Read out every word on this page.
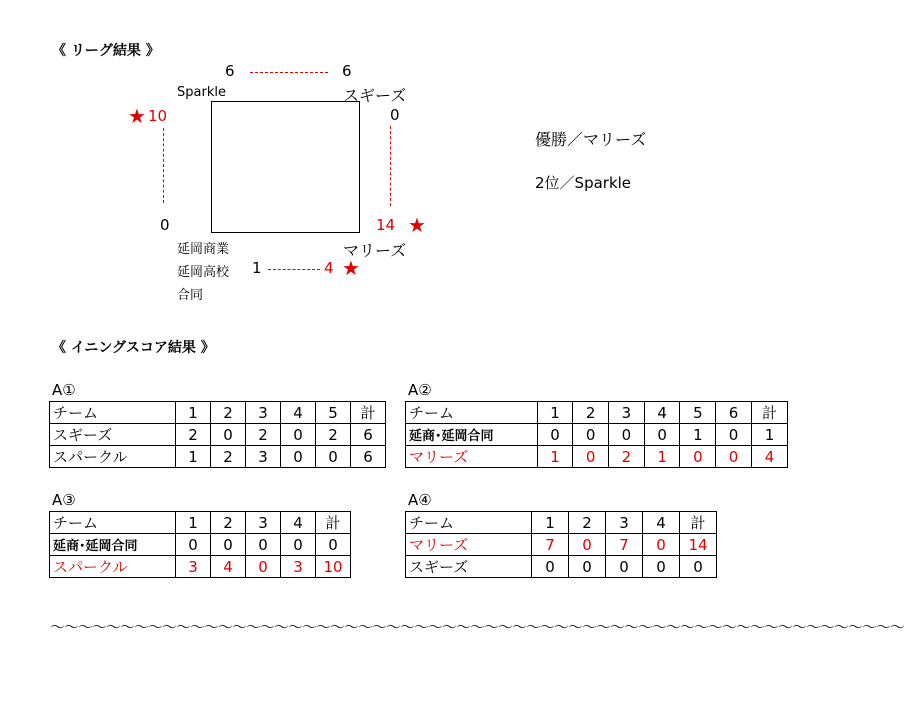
《 リーグ結果 》
6	6
Sparkle	スギーズ
★ 10
0
0
14 ★
マリーズ
延岡商業
延岡高校
合同
1	4 ★
優勝／マリーズ
2位／Sparkle
《 イニングスコア結果 》
A①
チーム	1	2	3	4	5	計
スギーズ	2	0	2	0	2	6
スパークル	1	2	3	0	0	6
A②
チーム	1	2	3	4	5	6	計
延商･延岡合同	0	0	0	0	1	0	1
マリーズ	1	0	2	1	0	0	4
A③
チーム	1	2	3	4	計
延商･延岡合同	0	0	0	0	0
スパークル	3	4	0	3	10
A④
チーム	1	2	3	4	計
マリーズ	7	0	7	0	14
スギーズ	0	0	0	0	0
〜〜〜〜〜〜〜〜〜〜〜〜〜〜〜〜〜〜〜〜〜〜〜〜〜〜〜〜〜〜〜〜〜〜〜〜〜〜〜〜〜〜〜〜〜〜〜〜〜〜〜〜〜〜〜〜〜〜〜〜〜
